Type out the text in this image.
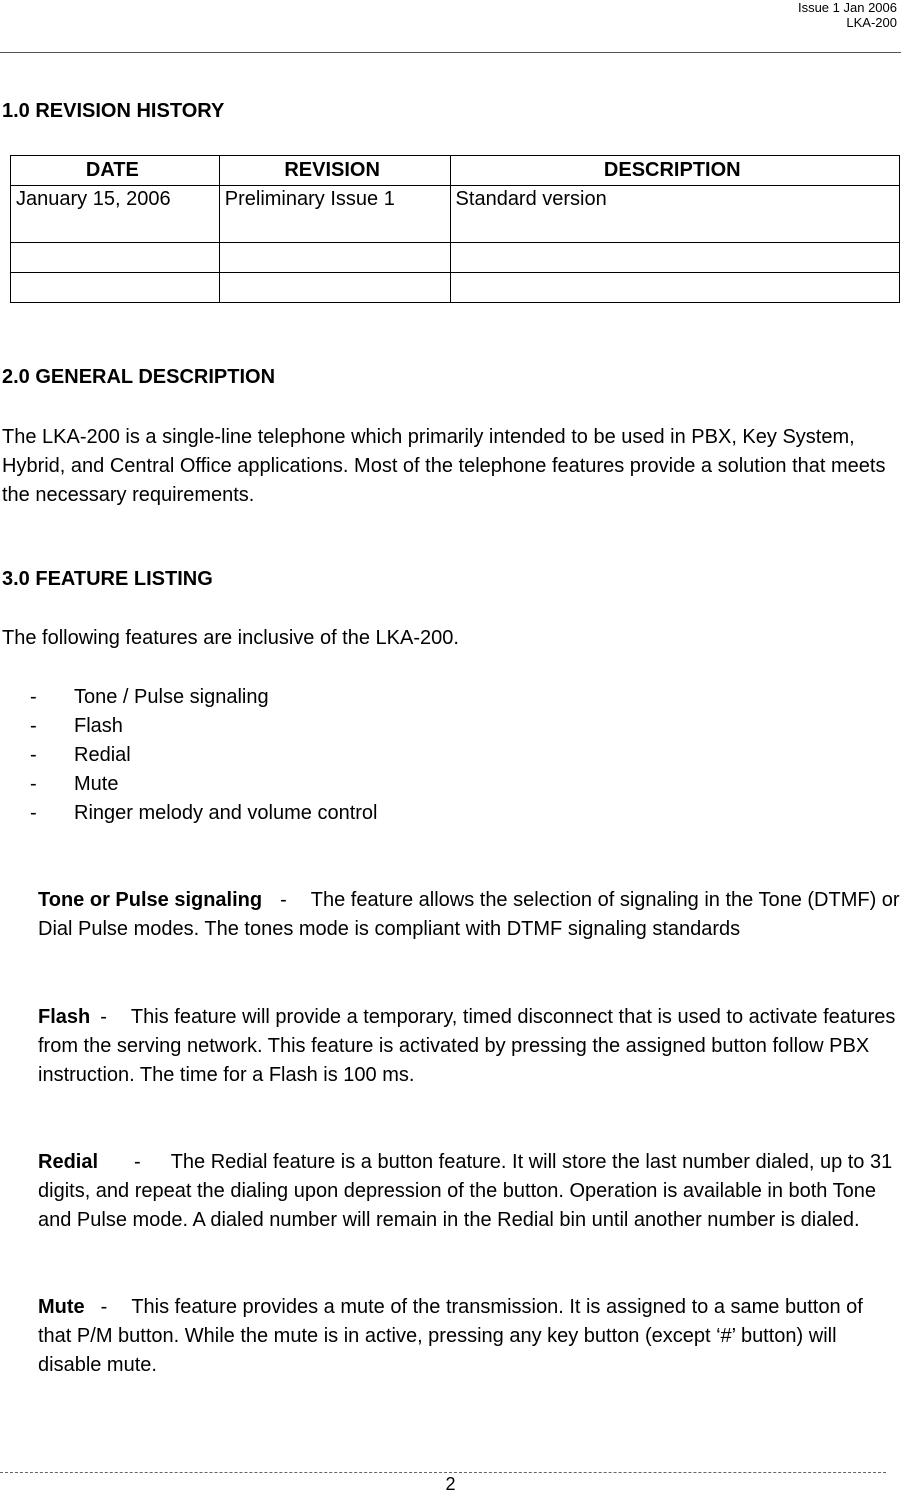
Issue 1 Jan 2006
LKA-200
1.0 REVISION HISTORY
DATE	REVISION	DESCRIPTION
January 15, 2006	Preliminary Issue 1	Standard version

2.0 GENERAL DESCRIPTION
The LKA-200 is a single-line telephone which primarily intended to be used in PBX, Key System, Hybrid, and Central Office applications. Most of the telephone features provide a solution that meets the necessary requirements.
3.0 FEATURE LISTING
The following features are inclusive of the LKA-200.
-	Tone / Pulse signaling
-	Flash
-	Redial
-	Mute
-	Ringer melody and volume control
Tone or Pulse signaling - The feature allows the selection of signaling in the Tone (DTMF) or Dial Pulse modes. The tones mode is compliant with DTMF signaling standards
Flash - This feature will provide a temporary, timed disconnect that is used to activate features from the serving network. This feature is activated by pressing the assigned button follow PBX instruction. The time for a Flash is 100 ms.
Redial - The Redial feature is a button feature. It will store the last number dialed, up to 31 digits, and repeat the dialing upon depression of the button. Operation is available in both Tone and Pulse mode. A dialed number will remain in the Redial bin until another number is dialed.
Mute - This feature provides a mute of the transmission. It is assigned to a same button of that P/M button. While the mute is in active, pressing any key button (except ‘#’ button) will disable mute.
2
